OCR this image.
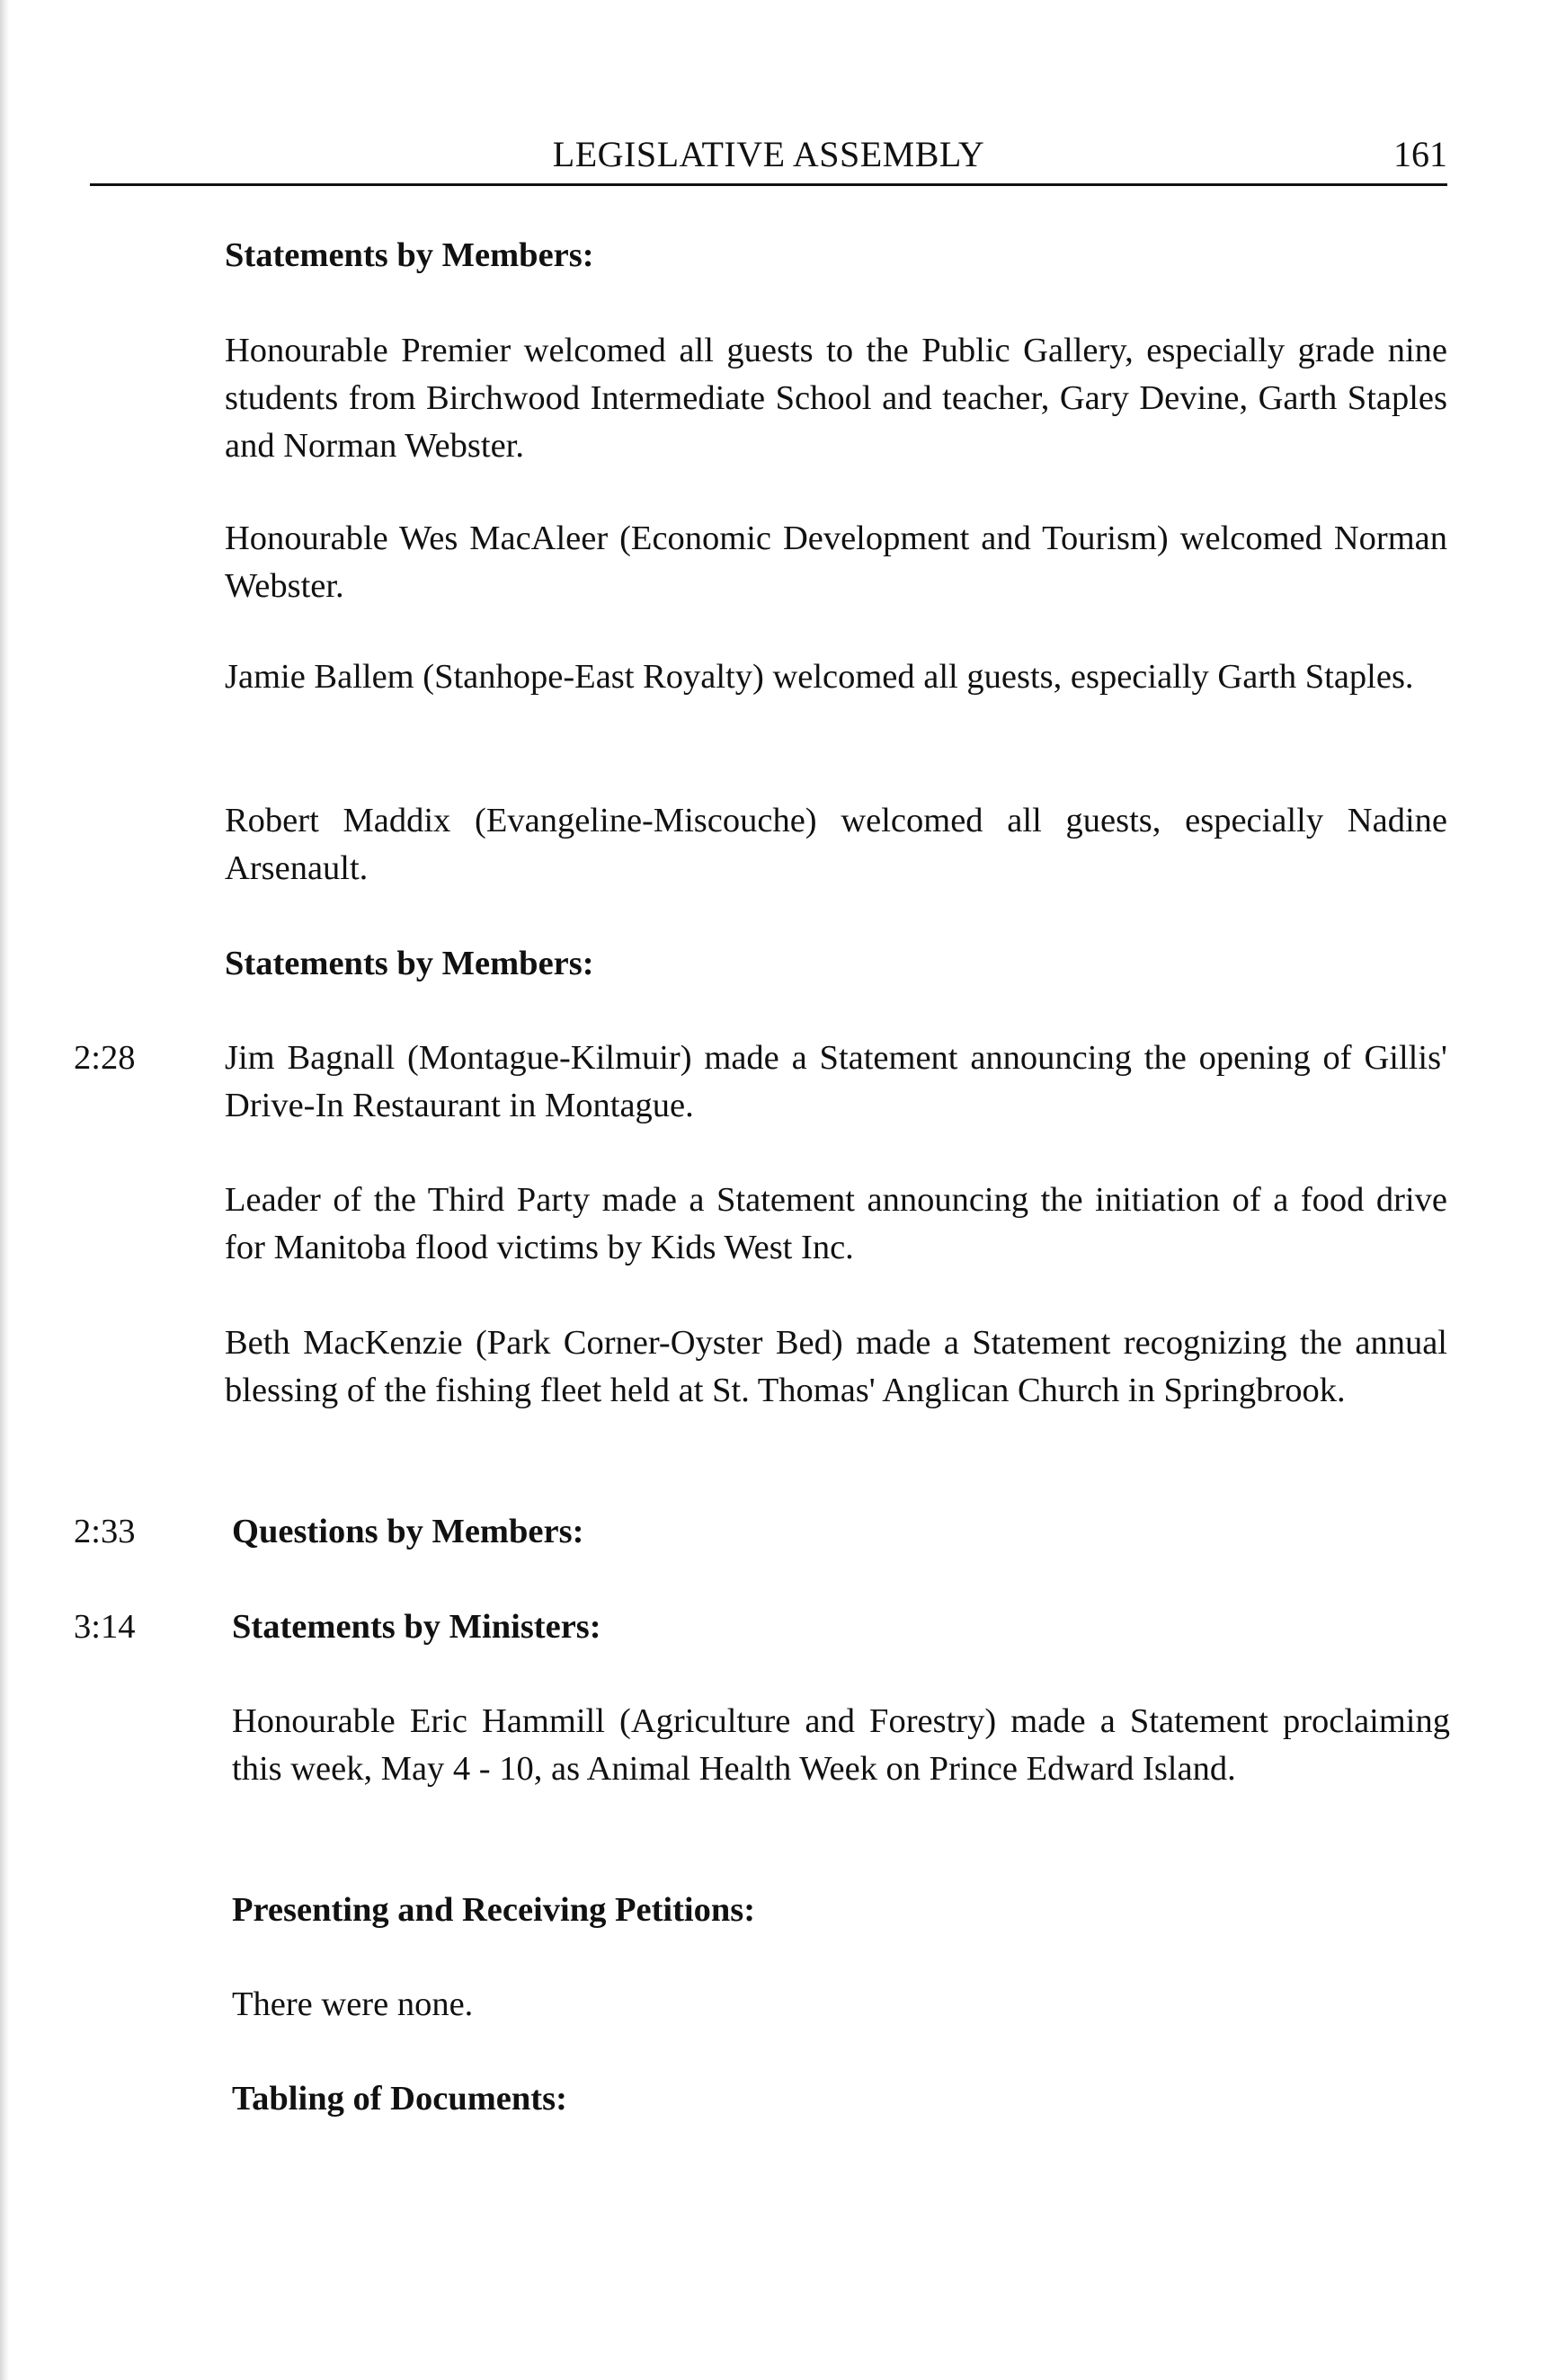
LEGISLATIVE ASSEMBLY	161
Statements by Members:
Honourable Premier welcomed all guests to the Public Gallery, especially grade nine students from Birchwood Intermediate School and teacher, Gary Devine, Garth Staples and Norman Webster.
Honourable Wes MacAleer (Economic Development and Tourism) welcomed Norman Webster.
Jamie Ballem (Stanhope-East Royalty) welcomed all guests, especially Garth Staples.
Robert Maddix (Evangeline-Miscouche) welcomed all guests, especially Nadine Arsenault.
Statements by Members:
2:28	Jim Bagnall (Montague-Kilmuir) made a Statement announcing the opening of Gillis' Drive-In Restaurant in Montague.
Leader of the Third Party made a Statement announcing the initiation of a food drive for Manitoba flood victims by Kids West Inc.
Beth MacKenzie (Park Corner-Oyster Bed) made a Statement recognizing the annual blessing of the fishing fleet held at St. Thomas' Anglican Church in Springbrook.
2:33	Questions by Members:
3:14	Statements by Ministers:
Honourable Eric Hammill (Agriculture and Forestry) made a Statement proclaiming this week, May 4 - 10, as Animal Health Week on Prince Edward Island.
Presenting and Receiving Petitions:
There were none.
Tabling of Documents:
